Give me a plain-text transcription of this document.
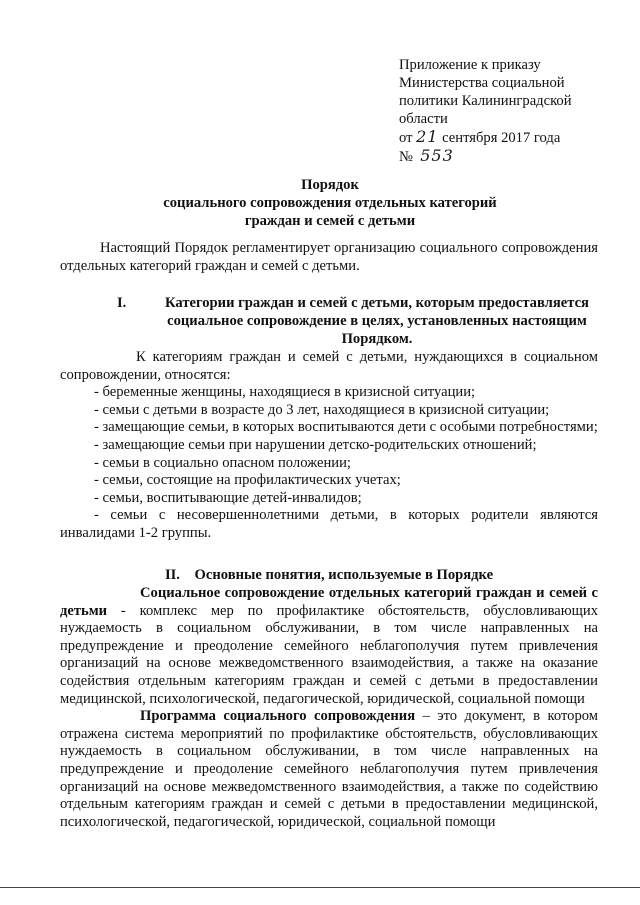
Приложение к приказу
Министерства социальной
политики Калининградской
области
от 21 сентября 2017 года
№ 553
Порядок
социального сопровождения отдельных категорий
граждан и семей с детьми

Настоящий Порядок регламентирует организацию социального сопровождения отдельных категорий граждан и семей с детьми.

I.	Категории граждан и семей с детьми, которым предоставляется социальное сопровождение в целях, установленных настоящим Порядком.

К категориям граждан и семей с детьми, нуждающихся в социальном сопровождении, относятся:

- беременные женщины, находящиеся в кризисной ситуации;

- семьи с детьми в возрасте до 3 лет, находящиеся в кризисной ситуации;

- замещающие семьи, в которых воспитываются дети с особыми потребностями;

- замещающие семьи при нарушении детско-родительских отношений;

- семьи в социально опасном положении;

- семьи, состоящие на профилактических учетах;

- семьи, воспитывающие детей-инвалидов;

- семьи с несовершеннолетними детьми, в которых родители являются инвалидами 1-2 группы.

II. Основные понятия, используемые в Порядке

Социальное сопровождение отдельных категорий граждан и семей с детьми - комплекс мер по профилактике обстоятельств, обусловливающих нуждаемость в социальном обслуживании, в том числе направленных на предупреждение и преодоление семейного неблагополучия путем привлечения организаций на основе межведомственного взаимодействия, а также на оказание содействия отдельным категориям граждан и семей с детьми в предоставлении медицинской, психологической, педагогической, юридической, социальной помощи

Программа социального сопровождения – это документ, в котором отражена система мероприятий по профилактике обстоятельств, обусловливающих нуждаемость в социальном обслуживании, в том числе направленных на предупреждение и преодоление семейного неблагополучия путем привлечения организаций на основе межведомственного взаимодействия, а также по содействию отдельным категориям граждан и семей с детьми в предоставлении медицинской, психологической, педагогической, юридической, социальной помощи
